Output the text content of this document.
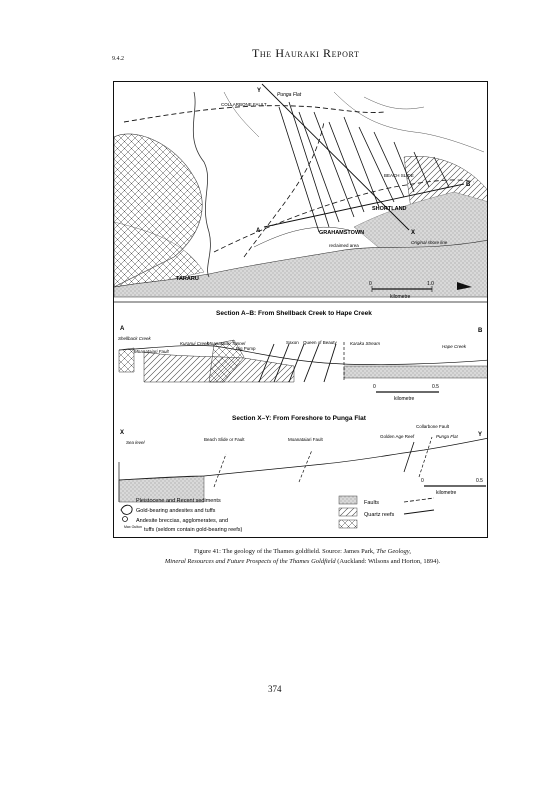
9.4.2	The Hauraki Report
Punga Flat
COLLARBONE FAULT
Y
A
B
X
BEACH SLIDE
SHORTLAND
GRAHAMSTOWN
reclaimed area
Original shore line
TARARU
0	1.0
kilometre
Section A–B: From Shellback Creek to Hape Creek
A	B
Shellback Creek
Moanataiari Fault
Kuranui Creek
Moanataiari Tunnel
Big Pump
Saxon Queen of Beauty	Karaka Stream
Hape Creek
0	0.5
kilometre
Section X–Y: From Foreshore to Punga Flat
X	Y
Sea level
Beach Slide or Fault	Moanataiari Fault
Golden Age Reef
Collarbone Fault
Punga Flat
0	0.5
kilometre
Pleistocene and Recent sediments
Gold-bearing andesites and tuffs
Andesite breccias, agglomerates, and
tuffs (seldom contain gold-bearing reefs)
Faults
Quartz reefs
Max Oulton
Figure 41: The geology of the Thames goldfield. Source: James Park, The Geology,
Mineral Resources and Future Prospects of the Thames Goldfield (Auckland: Wilsons and Horton, 1894).
374
